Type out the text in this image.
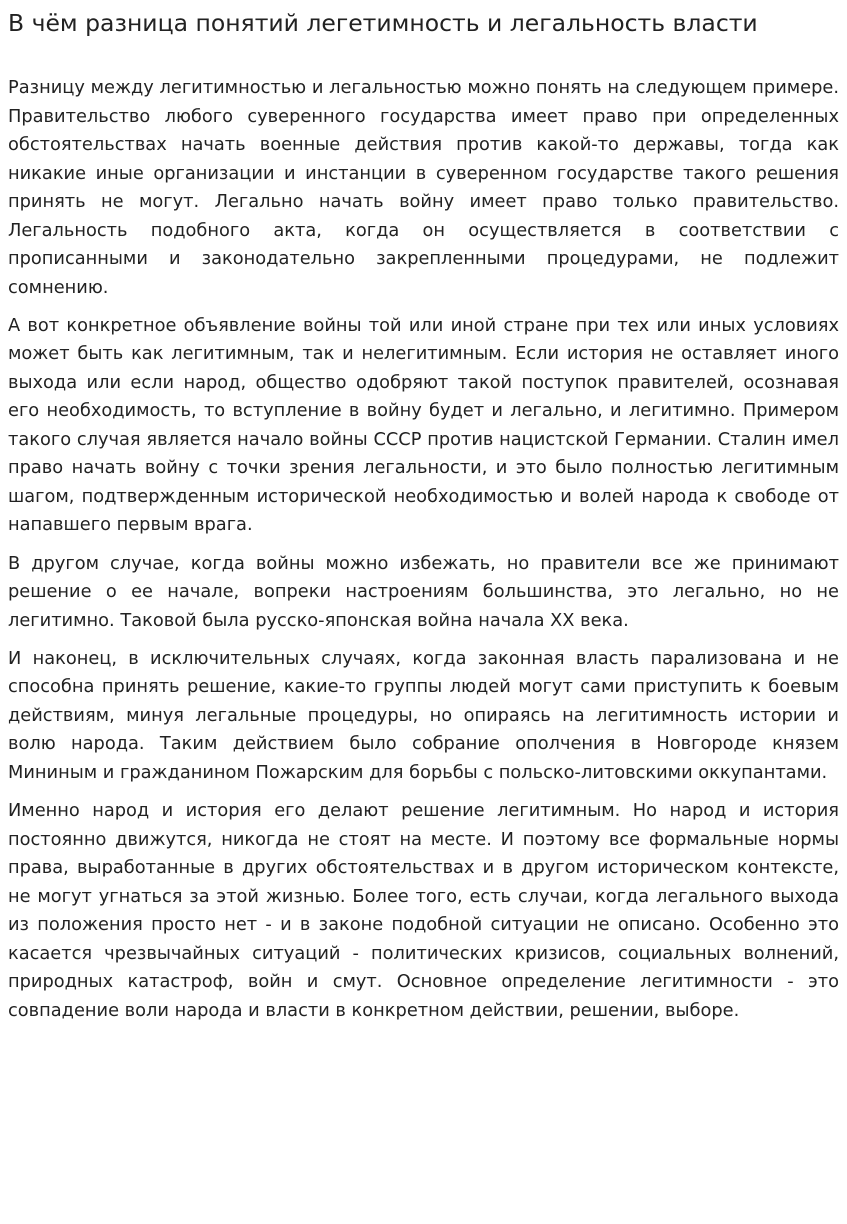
В чём разница понятий легетимность и легальность власти

Разницу между легитимностью и легальностью можно понять на следующем примере. Правительство любого суверенного государства имеет право при определенных обстоятельствах начать военные действия против какой-то державы, тогда как никакие иные организации и инстанции в суверенном государстве такого решения принять не могут. Легально начать войну имеет право только правительство. Легальность подобного акта, когда он осуществляется в соответствии с прописанными и законодательно закрепленными процедурами, не подлежит сомнению.

А вот конкретное объявление войны той или иной стране при тех или иных условиях может быть как легитимным, так и нелегитимным. Если история не оставляет иного выхода или если народ, общество одобряют такой поступок правителей, осознавая его необходимость, то вступление в войну будет и легально, и легитимно. Примером такого случая является начало войны СССР против нацистской Германии. Сталин имел право начать войну с точки зрения легальности, и это было полностью легитимным шагом, подтвержденным исторической необходимостью и волей народа к свободе от напавшего первым врага.

В другом случае, когда войны можно избежать, но правители все же принимают решение о ее начале, вопреки настроениям большинства, это легально, но не легитимно. Таковой была русско-японская война начала XX века.

И наконец, в исключительных случаях, когда законная власть парализована и не способна принять решение, какие-то группы людей могут сами приступить к боевым действиям, минуя легальные процедуры, но опираясь на легитимность истории и волю народа. Таким действием было собрание ополчения в Новгороде князем Мининым и гражданином Пожарским для борьбы с польско-литовскими оккупантами.

Именно народ и история его делают решение легитимным. Но народ и история постоянно движутся, никогда не стоят на месте. И поэтому все формальные нормы права, выработанные в других обстоятельствах и в другом историческом контексте, не могут угнаться за этой жизнью. Более того, есть случаи, когда легального выхода из положения просто нет - и в законе подобной ситуации не описано. Особенно это касается чрезвычайных ситуаций - политических кризисов, социальных волнений, природных катастроф, войн и смут. Основное определение легитимности - это совпадение воли народа и власти в конкретном действии, решении, выборе.
